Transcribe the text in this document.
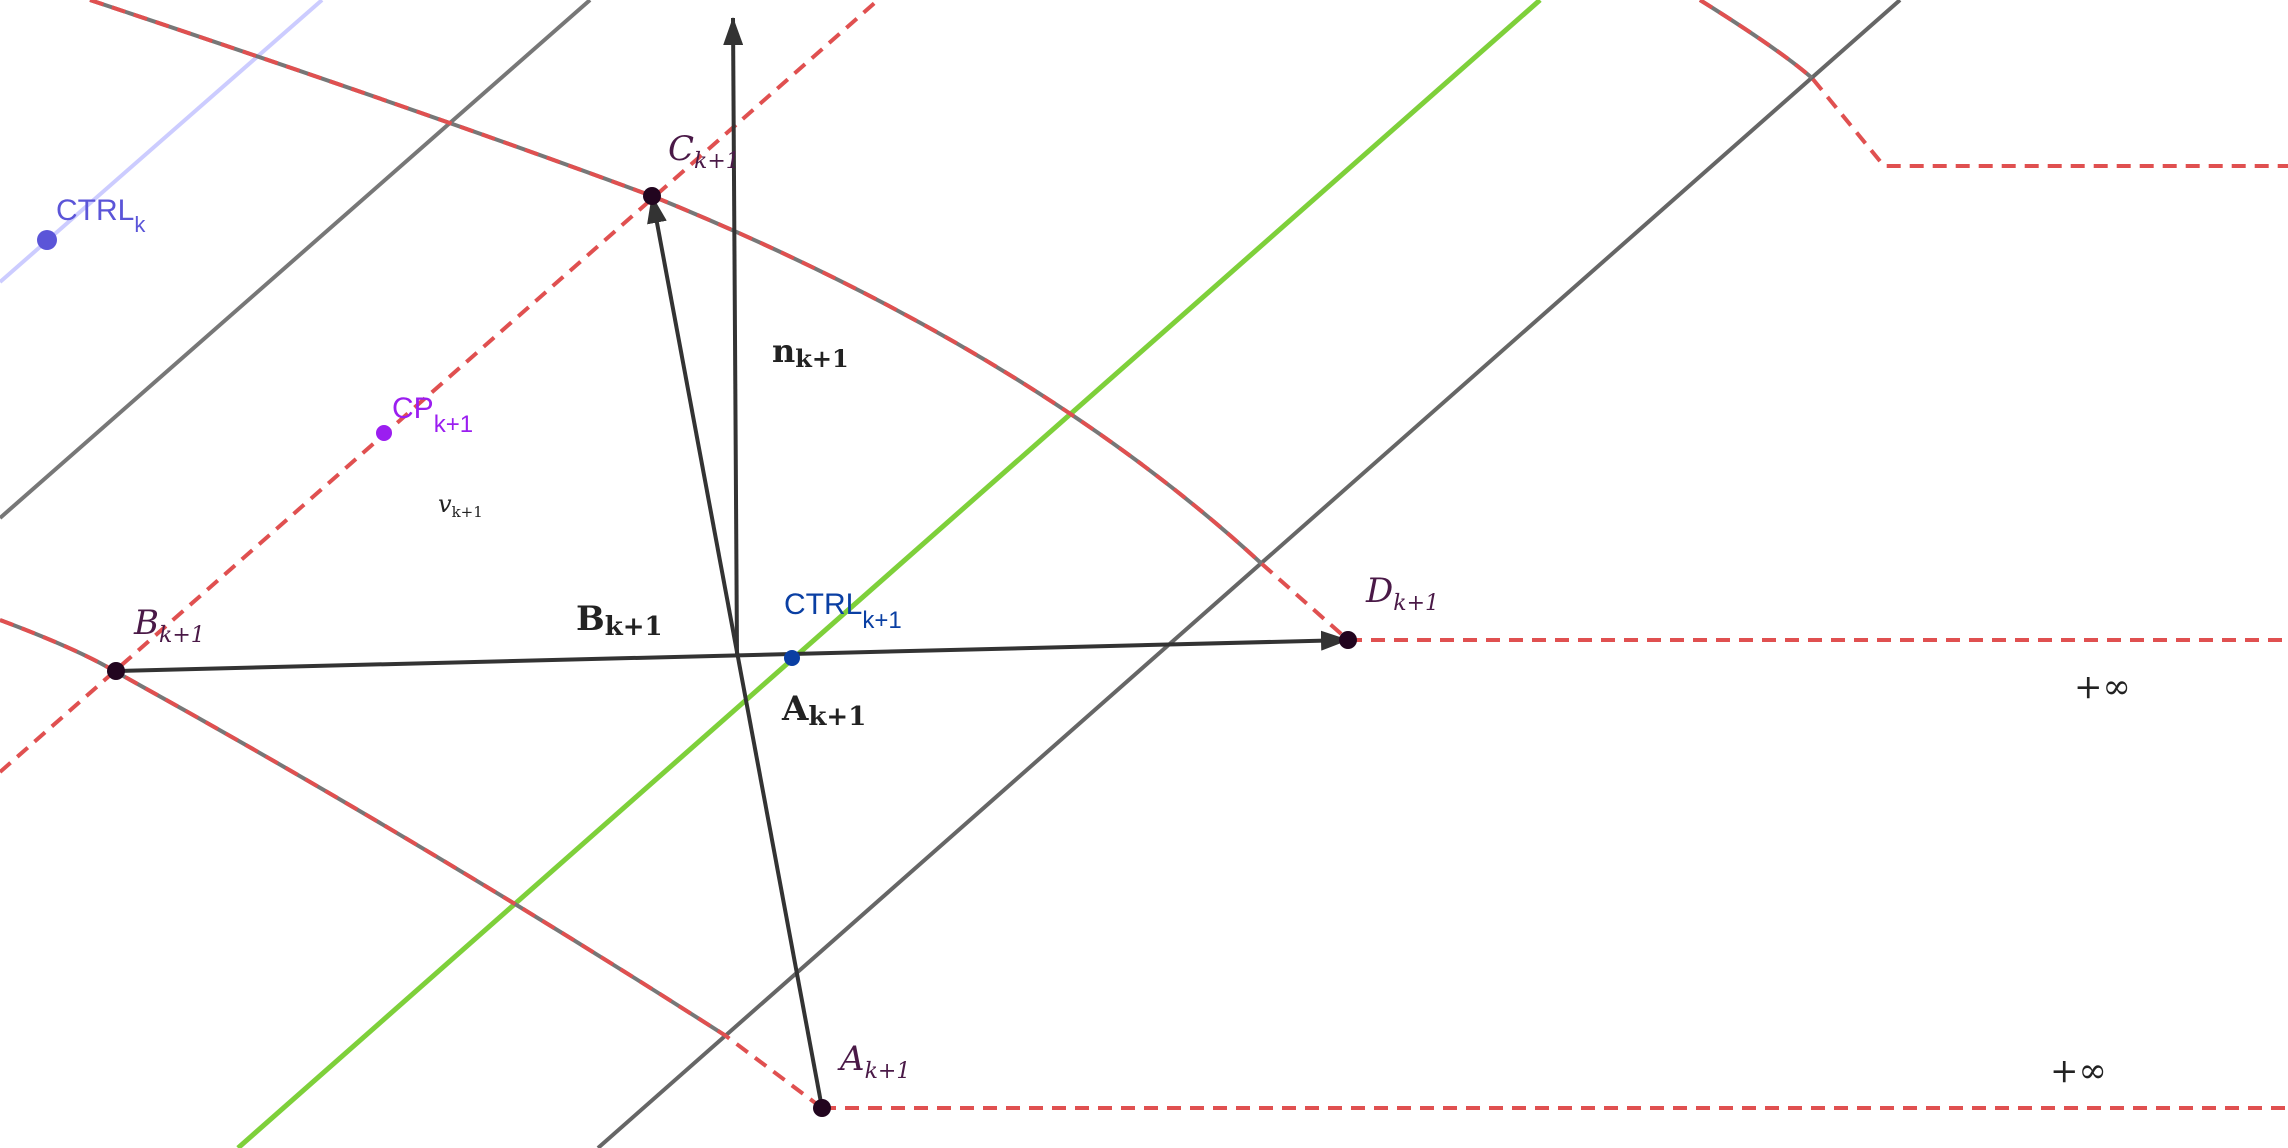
$CTRL_k$
$CP_{k+1}$
$v_{k+1}$
$CTRL_{k+1}$
$C_{k+1}$
$B_{k+1}$
$D_{k+1}$
$A_{k+1}$
nk+1
Bk+1
Ak+1
+∞
+∞
